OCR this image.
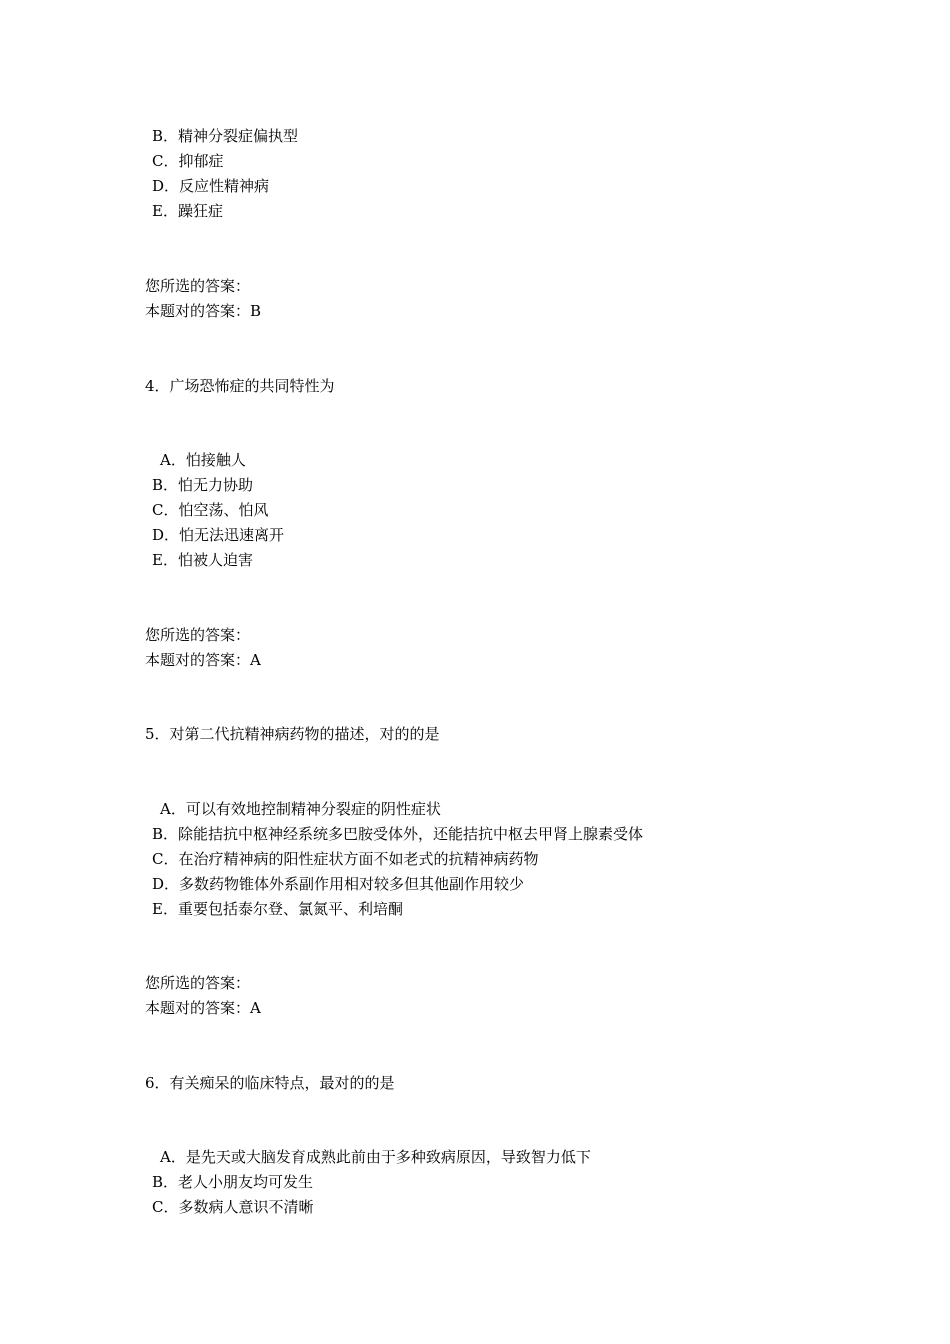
B．精神分裂症偏执型
C．抑郁症
D．反应性精神病
E．躁狂症
您所选的答案：
本题对的答案：B
4．广场恐怖症的共同特性为
A．怕接触人
B．怕无力协助
C．怕空荡、怕风
D．怕无法迅速离开
E．怕被人迫害
您所选的答案：
本题对的答案：A
5．对第二代抗精神病药物的描述，对的的是
A．可以有效地控制精神分裂症的阴性症状
B．除能拮抗中枢神经系统多巴胺受体外，还能拮抗中枢去甲肾上腺素受体
C．在治疗精神病的阳性症状方面不如老式的抗精神病药物
D．多数药物锥体外系副作用相对较多但其他副作用较少
E．重要包括泰尔登、氯氮平、利培酮
您所选的答案：
本题对的答案：A
6．有关痴呆的临床特点，最对的的是
A．是先天或大脑发育成熟此前由于多种致病原因，导致智力低下
B．老人小朋友均可发生
C．多数病人意识不清晰
